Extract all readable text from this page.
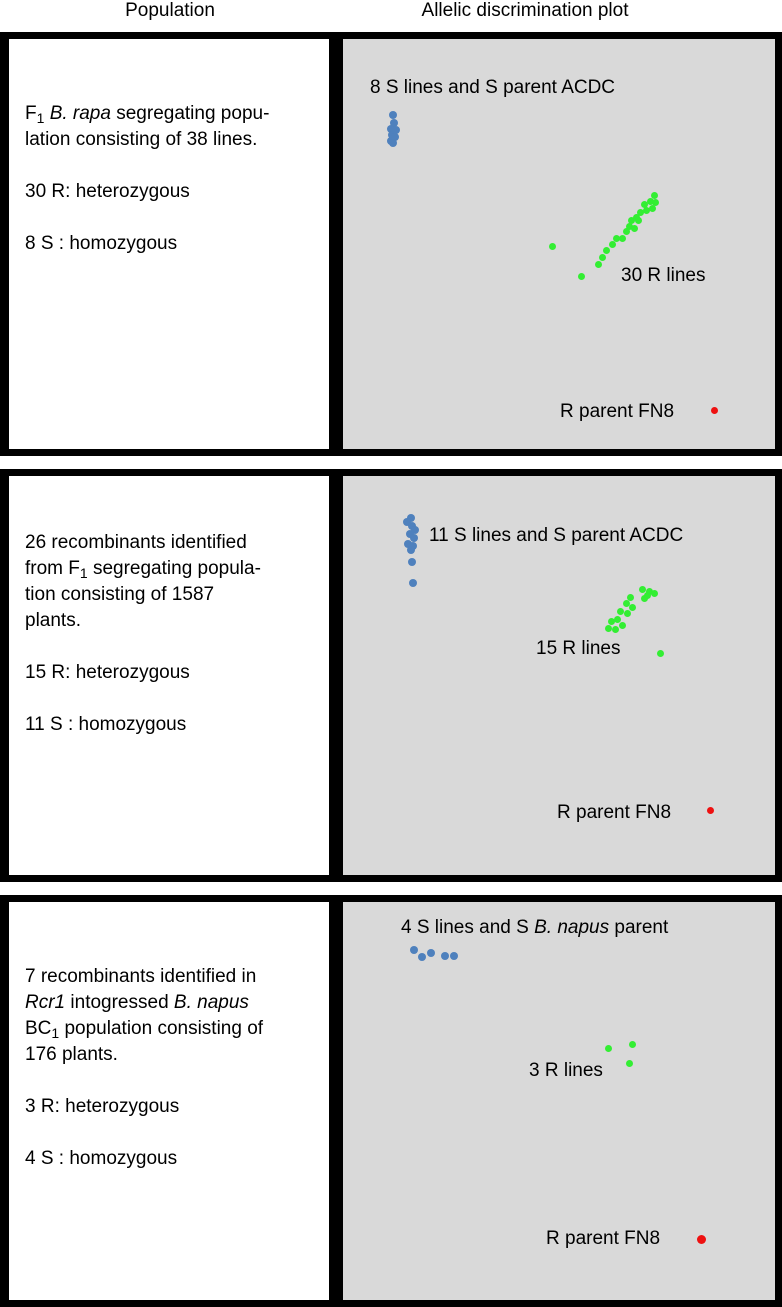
Population	Allelic discrimination plot

$F_1$ B. rapa segregating popu-

lation consisting of 38 lines.

30 R: heterozygous

8 S : homozygous

8 S lines and S parent ACDC
30 R lines
R parent FN8

26 recombinants identified

from $F_1$ segregating popula-

tion consisting of 1587

plants.

15 R: heterozygous

11 S : homozygous

11 S lines and S parent ACDC
15 R lines
R parent FN8

7 recombinants identified in

Rcr1 intogressed B. napus

$BC_1$ population consisting of

176 plants.

3 R: heterozygous

4 S : homozygous

4 S lines and S B. napus parent
3 R lines
R parent FN8
